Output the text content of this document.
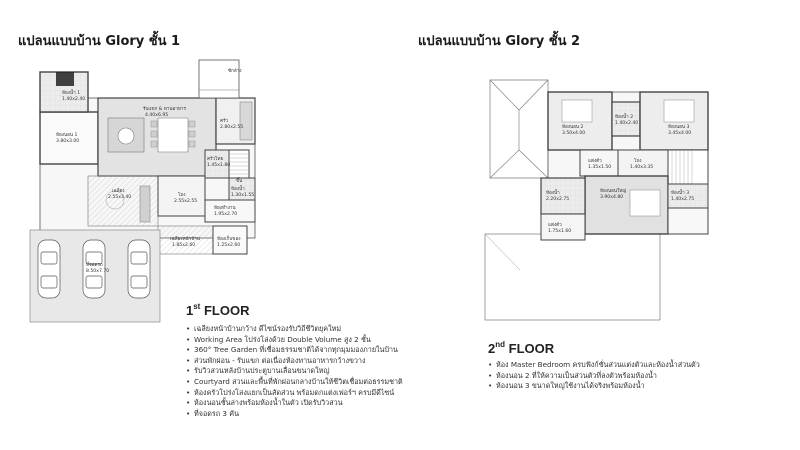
แปลนแบบบ้าน Glory ชั้น 1	แปลนแบบบ้าน Glory ชั้น 2
ห้องนอน 1
3.80x3.00
ห้องน้ำ 1
1.40x2.40
รับแขก & ทานอาหาร
4.40x6.95
ครัว
2.80x2.55
ซักล้าง
ครัวไทย
1.45x1.80
ขึ้น
ห้องน้ำ
1.30x1.55
เฉลียง
2.55x3.40	โถง
2.55x2.55
ห้องทำงาน
1.95x2.70
เฉลียงหน้าบ้าน
1.85x2.60
ห้องเก็บของ
1.25x2.60
ที่จอดรถ
8.50x7.70
ห้องนอน 2
3.50x4.00
ห้องน้ำ 2
1.40x2.40
ห้องนอน 3
3.45x4.00
แต่งตัว
1.35x1.50
โถง
1.40x3.35
ห้องนอนใหญ่
3.90x4.80
ห้องน้ำ
2.20x2.75
แต่งตัว
1.75x1.60
ห้องน้ำ 3
1.40x2.75
1st FLOOR
• เฉลียงหน้าบ้านกว้าง ดีไซน์รองรับวิถีชีวิตยุคใหม่
• Working Area โปร่งโล่งด้วย Double Volume สูง 2 ชั้น
• 360° Tree Garden ที่เชื่อมธรรมชาติได้จากทุกมุมมองภายในบ้าน
• ส่วนพักผ่อน - รับแขก ต่อเนื่องห้องทานอาหารกว้างขวาง
• รับวิวสวนหลังบ้านประตูบานเลื่อนขนาดใหญ่
• Courtyard สวนและพื้นที่พักผ่อนกลางบ้านให้ชีวิตเชื่อมต่อธรรมชาติ
• ห้องครัวโปร่งโล่งแยกเป็นสัดส่วน พร้อมดกแต่งเฟอร์ฯ ครบมีดีไซน์
• ห้องนอนชั้นล่างพร้อมห้องน้ำในตัว เปิดรับวิวสวน
• ที่จอดรถ 3 คัน
2nd FLOOR
• ห้อง Master Bedroom ครบฟังก์ชั่นส่วนแต่งตัวและห้องน้ำส่วนตัว
• ห้องนอน 2 ที่ให้ความเป็นส่วนตัวที่ลงตัวพร้อมห้องน้ำ
• ห้องนอน 3 ขนาดใหญ่ใช้งานได้จริงพร้อมห้องน้ำ
